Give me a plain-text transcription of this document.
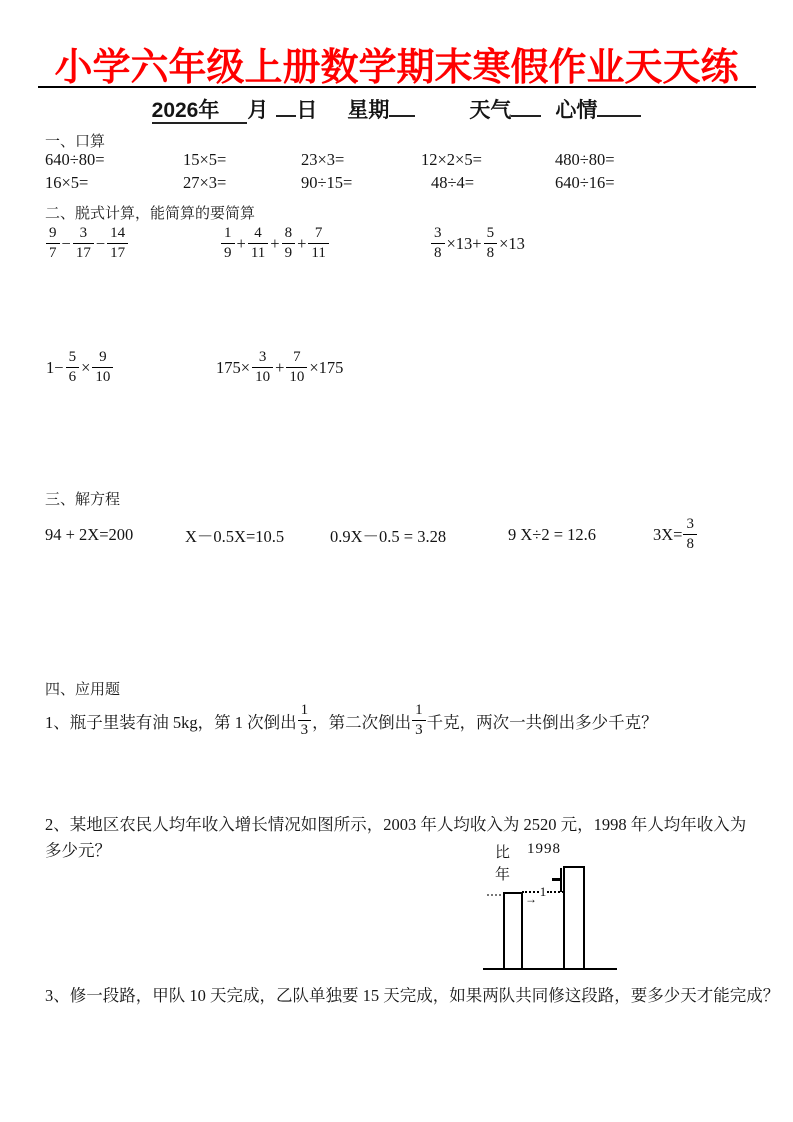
小学六年级上册数学期末寒假作业天天练
2026年 月 日 星期	天气 心情
一、口算
640÷80=	15×5=	23×3=	12×2×5=	480÷80=
16×5=	27×3=	90÷15=	48÷4=	640÷16=
二、脱式计算，能简算的要简算
$\frac{9}{7} - \frac{3}{17} - \frac{14}{17}$	$\frac{1}{9} + \frac{4}{11} + \frac{8}{9} + \frac{7}{11}$	$\frac{3}{8} \times 13+ \frac{5}{8} \times 13$
$1- \frac{5}{6} \times \frac{9}{10}$	$175\times \frac{3}{10} + \frac{7}{10} \times 175$
三、解方程
94 + 2X=200	X－0.5X=10.5	0.9X－0.5 = 3.28	9 X÷2 = 12.6	$3X= \frac{3}{8}$
四、应用题
1、瓶子里装有油 5kg，第 1 次倒出 $\frac{1}{3}$ ，第二次倒出 $\frac{1}{3}$ 千克，两次一共倒出多少千克？
2、某地区农民人均年收入增长情况如图所示，2003 年人均收入为 2520 元，1998 年人均年收入为多少元？	比 1998
年
1
→
3、修一段路，甲队 10 天完成，乙队单独要 15 天完成，如果两队共同修这段路，要多少天才能完成？
